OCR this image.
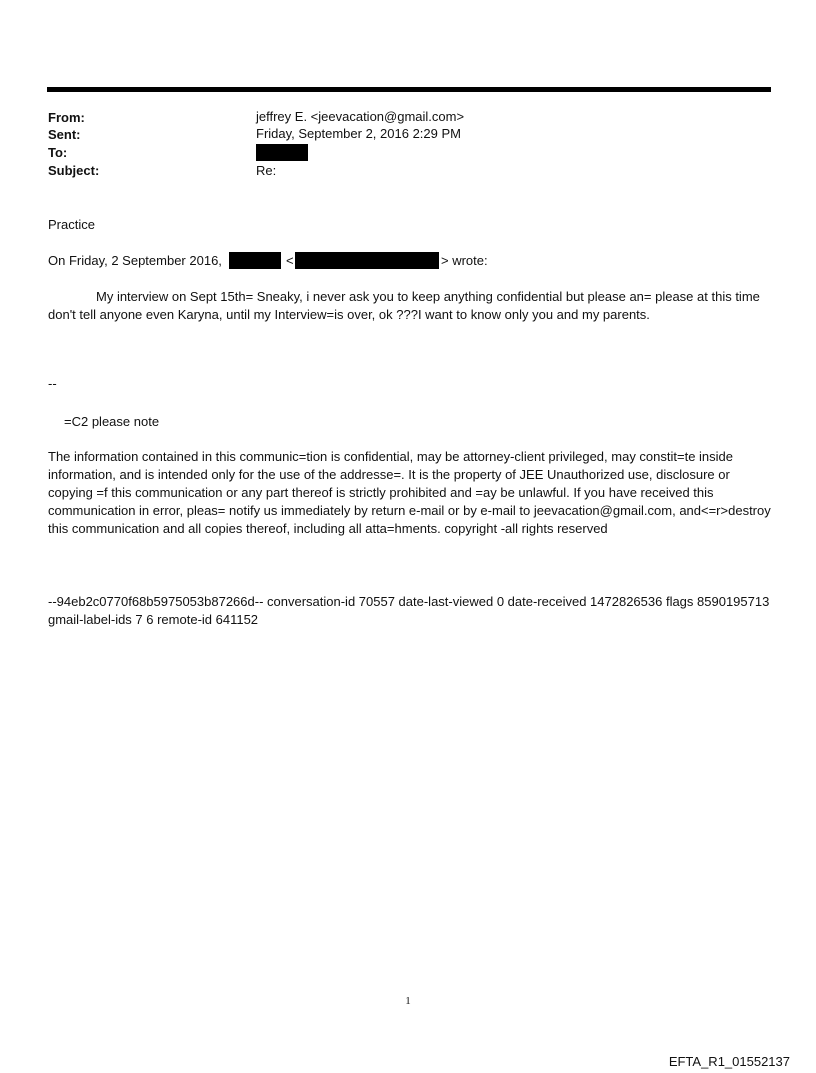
From:	jeffrey E. <jeevacation@gmail.com>
Sent:	Friday, September 2, 2016 2:29 PM
To:
Subject:	Re:
Practice
On Friday, 2 September 2016,	<	> wrote:
My interview on Sept 15th= Sneaky, i never ask you to keep anything confidential but please an= please at this time don't tell anyone even Karyna, until my Interview=is over, ok ???I want to know only you and my parents.
--
=C2 please note
The information contained in this communic=tion is confidential, may be attorney-client privileged, may constit=te inside information, and is intended only for the use of the addresse=. It is the property of JEE Unauthorized use, disclosure or copying =f this communication or any part thereof is strictly prohibited and =ay be unlawful. If you have received this communication in error, pleas= notify us immediately by return e-mail or by e-mail to jeevacation@gmail.com, and<=r>destroy this communication and all copies thereof, including all atta=hments. copyright -all rights reserved
--94eb2c0770f68b5975053b87266d-- conversation-id 70557 date-last-viewed 0 date-received 1472826536 flags 8590195713 gmail-label-ids 7 6 remote-id 641152
1
EFTA_R1_01552137
